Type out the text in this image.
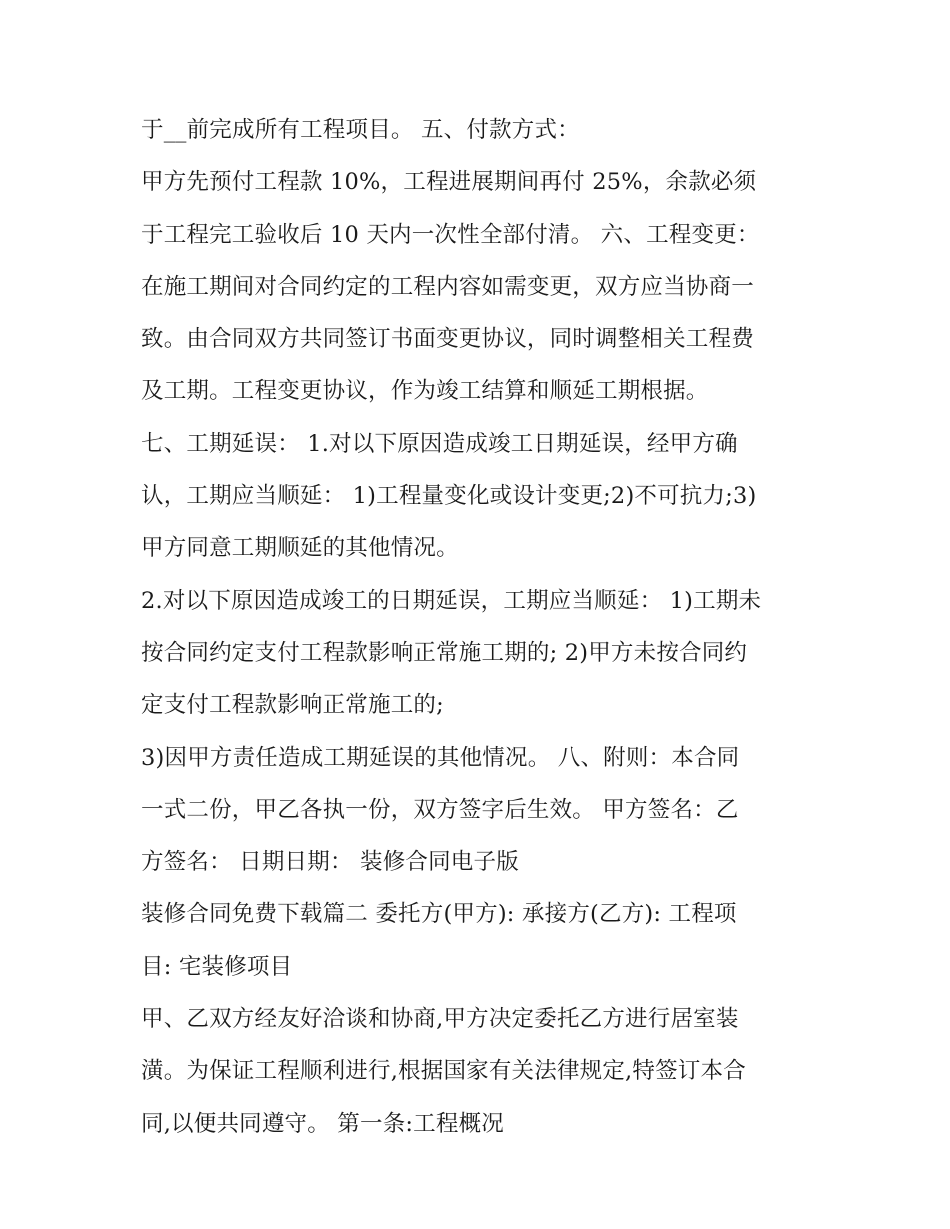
于__前完成所有工程项目。 五、付款方式：
甲方先预付工程款 10%，工程进展期间再付 25%，余款必须
于工程完工验收后 10 天内一次性全部付清。 六、工程变更：
在施工期间对合同约定的工程内容如需变更，双方应当协商一
致。由合同双方共同签订书面变更协议，同时调整相关工程费
及工期。工程变更协议，作为竣工结算和顺延工期根据。
七、工期延误： 1.对以下原因造成竣工日期延误，经甲方确
认，工期应当顺延： 1)工程量变化或设计变更;2)不可抗力;3)
甲方同意工期顺延的其他情况。
2.对以下原因造成竣工的日期延误，工期应当顺延： 1)工期未
按合同约定支付工程款影响正常施工期的; 2)甲方未按合同约
定支付工程款影响正常施工的;
3)因甲方责任造成工期延误的其他情况。 八、附则：本合同
一式二份，甲乙各执一份，双方签字后生效。 甲方签名：乙
方签名： 日期日期： 装修合同电子版
装修合同免费下载篇二 委托方(甲方): 承接方(乙方): 工程项
目: 宅装修项目
甲、乙双方经友好洽谈和协商,甲方决定委托乙方进行居室装
潢。为保证工程顺利进行,根据国家有关法律规定,特签订本合
同,以便共同遵守。 第一条:工程概况
